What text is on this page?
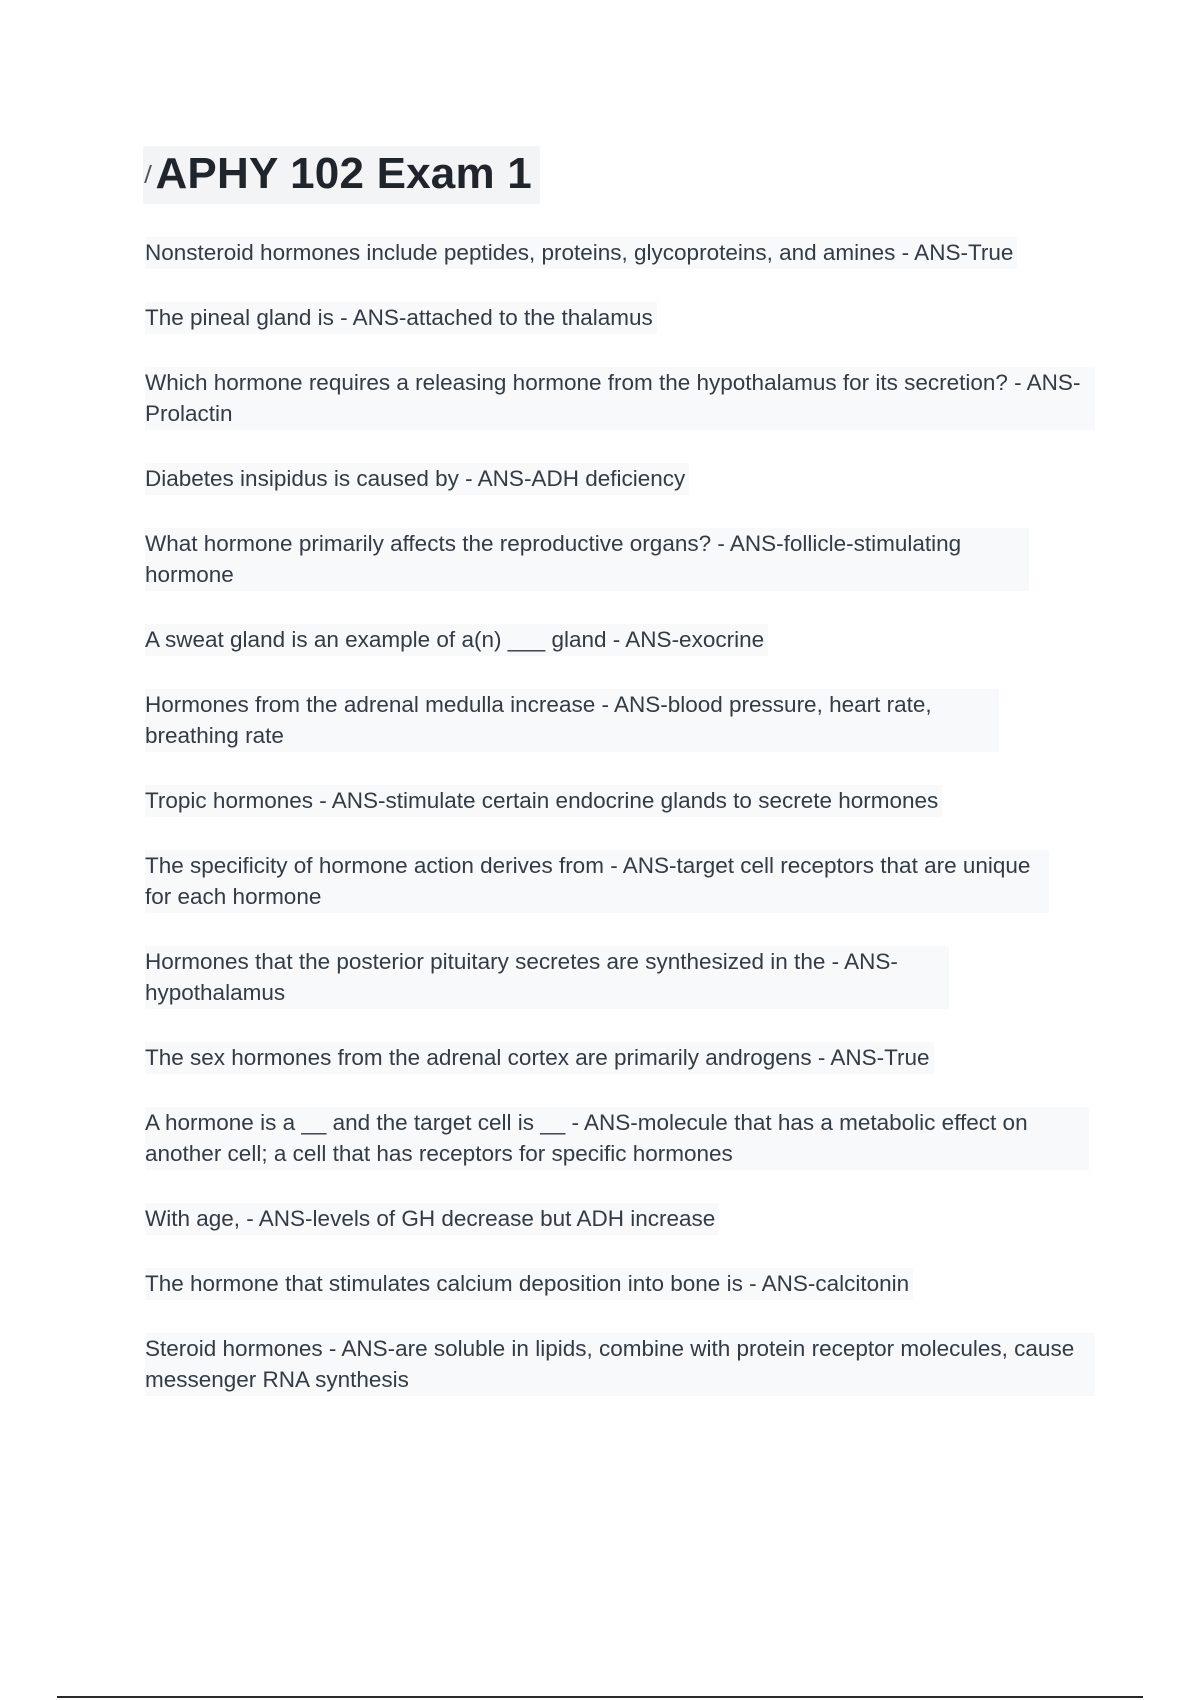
APHY 102 Exam 1
Nonsteroid hormones include peptides, proteins, glycoproteins, and amines - ANS-True
The pineal gland is - ANS-attached to the thalamus
Which hormone requires a releasing hormone from the hypothalamus for its secretion? - ANS-Prolactin
Diabetes insipidus is caused by - ANS-ADH deficiency
What hormone primarily affects the reproductive organs? - ANS-follicle-stimulating hormone
A sweat gland is an example of a(n) ___ gland - ANS-exocrine
Hormones from the adrenal medulla increase - ANS-blood pressure, heart rate, breathing rate
Tropic hormones - ANS-stimulate certain endocrine glands to secrete hormones
The specificity of hormone action derives from - ANS-target cell receptors that are unique for each hormone
Hormones that the posterior pituitary secretes are synthesized in the - ANS-hypothalamus
The sex hormones from the adrenal cortex are primarily androgens - ANS-True
A hormone is a __ and the target cell is __ - ANS-molecule that has a metabolic effect on another cell; a cell that has receptors for specific hormones
With age, - ANS-levels of GH decrease but ADH increase
The hormone that stimulates calcium deposition into bone is - ANS-calcitonin
Steroid hormones - ANS-are soluble in lipids, combine with protein receptor molecules, cause messenger RNA synthesis
